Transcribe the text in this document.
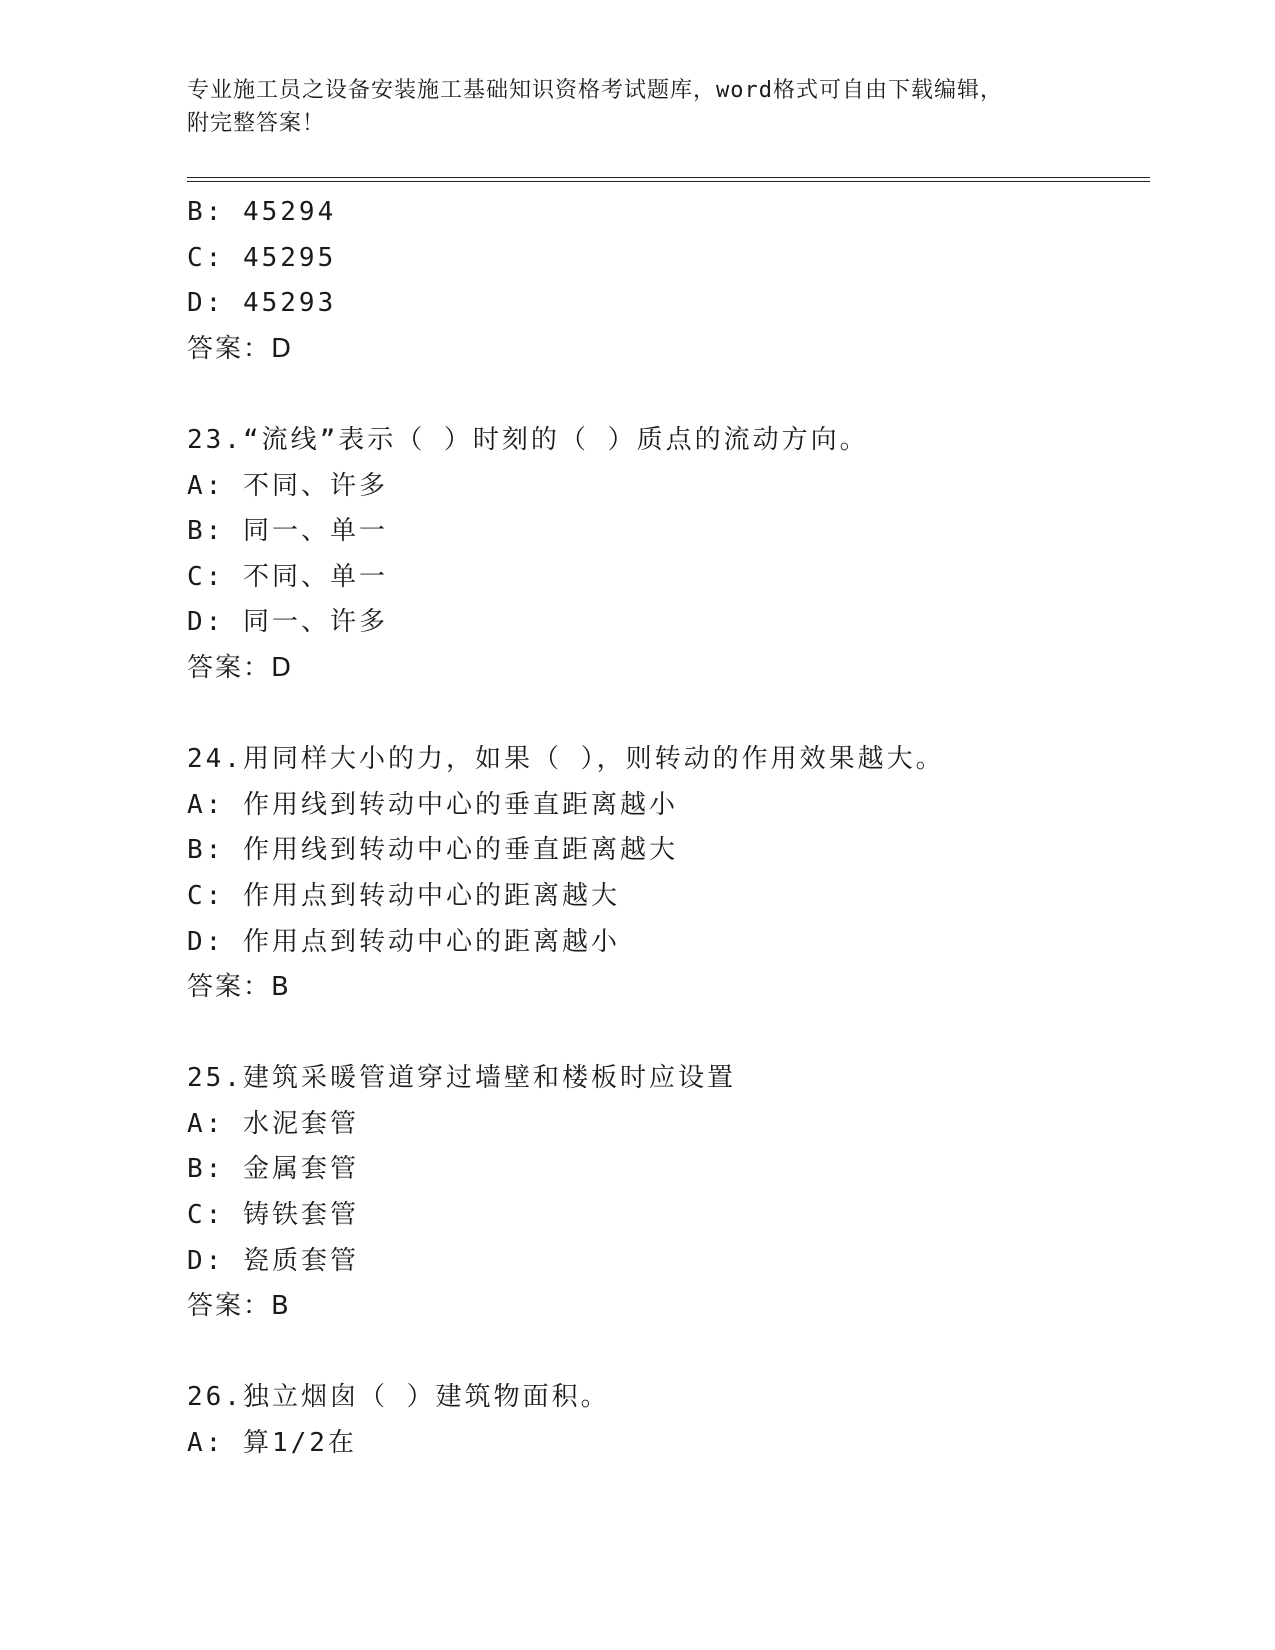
专业施工员之设备安装施工基础知识资格考试题库，word格式可自由下载编辑，
附完整答案！
B: 45294
C: 45295
D: 45293
答案：D
23.“流线”表示（ ）时刻的（ ）质点的流动方向。
A: 不同、许多
B: 同一、单一
C: 不同、单一
D: 同一、许多
答案：D
24.用同样大小的力，如果（ ），则转动的作用效果越大。
A: 作用线到转动中心的垂直距离越小
B: 作用线到转动中心的垂直距离越大
C: 作用点到转动中心的距离越大
D: 作用点到转动中心的距离越小
答案：B
25.建筑采暖管道穿过墙壁和楼板时应设置
A: 水泥套管
B: 金属套管
C: 铸铁套管
D: 瓷质套管
答案：B
26.独立烟囱（ ）建筑物面积。
A: 算1/2在
